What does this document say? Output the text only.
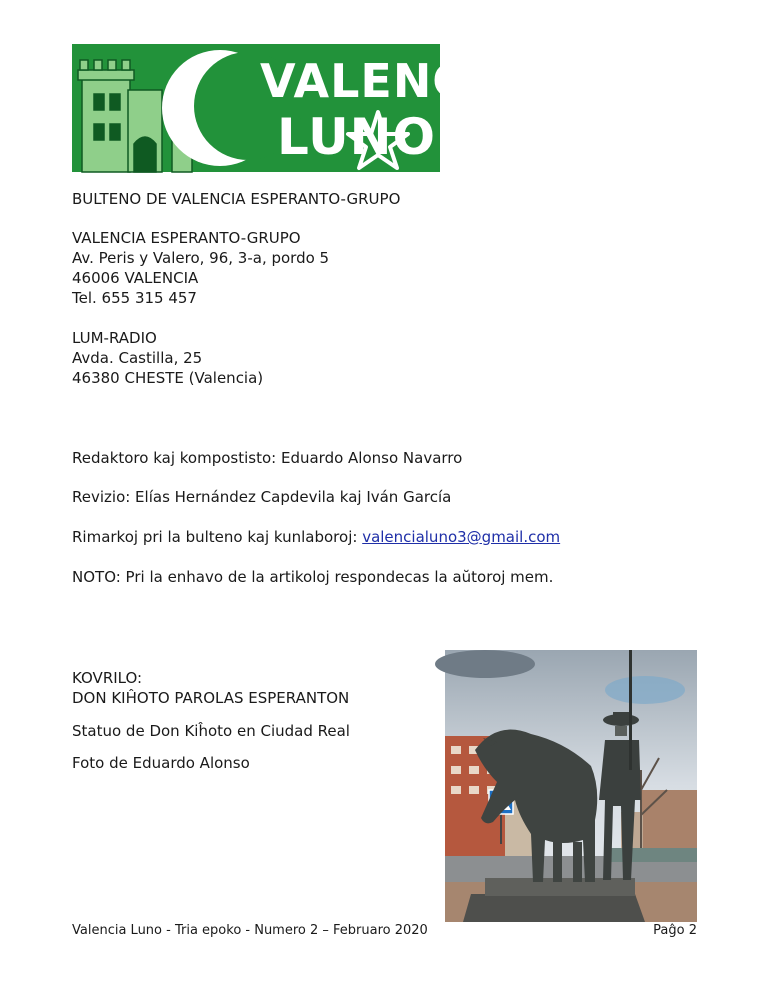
VALENCIA
LUNO
BULTENO DE VALENCIA ESPERANTO-GRUPO
VALENCIA ESPERANTO-GRUPO
Av. Peris y Valero, 96, 3-a, pordo 5
46006 VALENCIA
Tel. 655 315 457
LUM-RADIO
Avda. Castilla, 25
46380 CHESTE (Valencia)
Redaktoro kaj kompostisto: Eduardo Alonso Navarro
Revizio: Elías Hernández Capdevila kaj Iván García
Rimarkoj pri la bulteno kaj kunlaboroj: valencialuno3@gmail.com
NOTO: Pri la enhavo de la artikoloj respondecas la aŭtoroj mem.
KOVRILO:
DON KIĤOTO PAROLAS ESPERANTON
Statuo de Don Kiĥoto en Ciudad Real
Foto de Eduardo Alonso
Valencia Luno - Tria epoko - Numero 2 – Februaro 2020	Paĝo 2
